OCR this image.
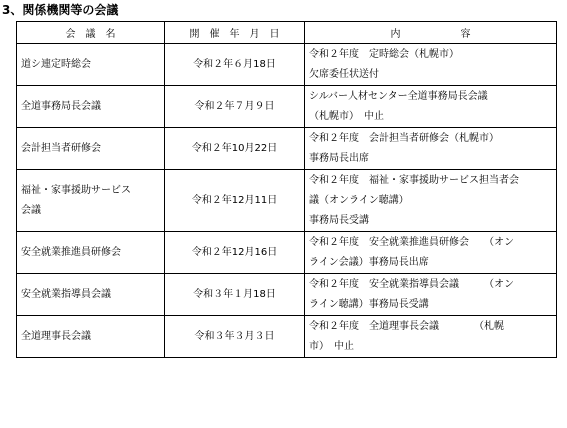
3、関係機関等の会議
会　議　名	開　催　年　月　日	内　　　　　　容
道シ連定時総会	令和２年６月18日	令和２年度　定時総会（札幌市）
欠席委任状送付

全道事務局長会議	令和２年７月９日	シルバー人材センター全道事務局長会議
（札幌市）　中止

会計担当者研修会	令和２年10月22日	令和２年度　会計担当者研修会（札幌市）
事務局長出席

福祉・家事援助サービス
会議	令和２年12月11日	令和２年度　福祉・家事援助サービス担当者会
議（オンライン聴講）
事務局長受講

安全就業推進員研修会	令和２年12月16日	令和２年度　安全就業推進員研修会　　（オン
ライン会議）事務局長出席

安全就業指導員会議	令和３年１月18日	令和２年度　安全就業指導員会議　　　（オン
ライン聴講）事務局長受講

全道理事長会議	令和３年３月３日	令和２年度　全道理事長会議　　　　（札幌
市）　中止
